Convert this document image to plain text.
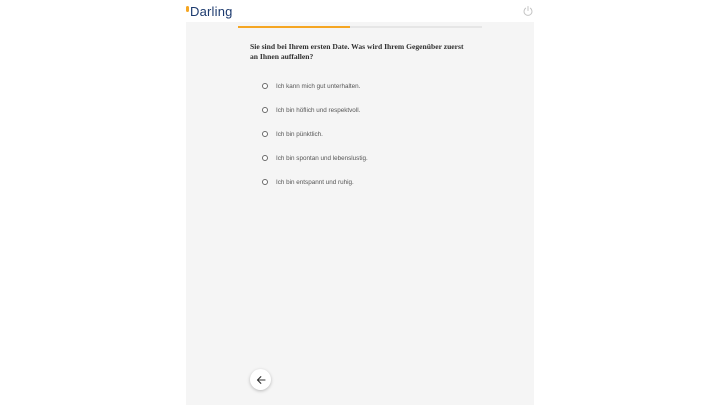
Darling
Sie sind bei Ihrem ersten Date. Was wird Ihrem Gegenüber zuerst an Ihnen auffallen?
Ich kann mich gut unterhalten.
Ich bin höflich und respektvoll.
Ich bin pünktlich.
Ich bin spontan und lebenslustig.
Ich bin entspannt und ruhig.
